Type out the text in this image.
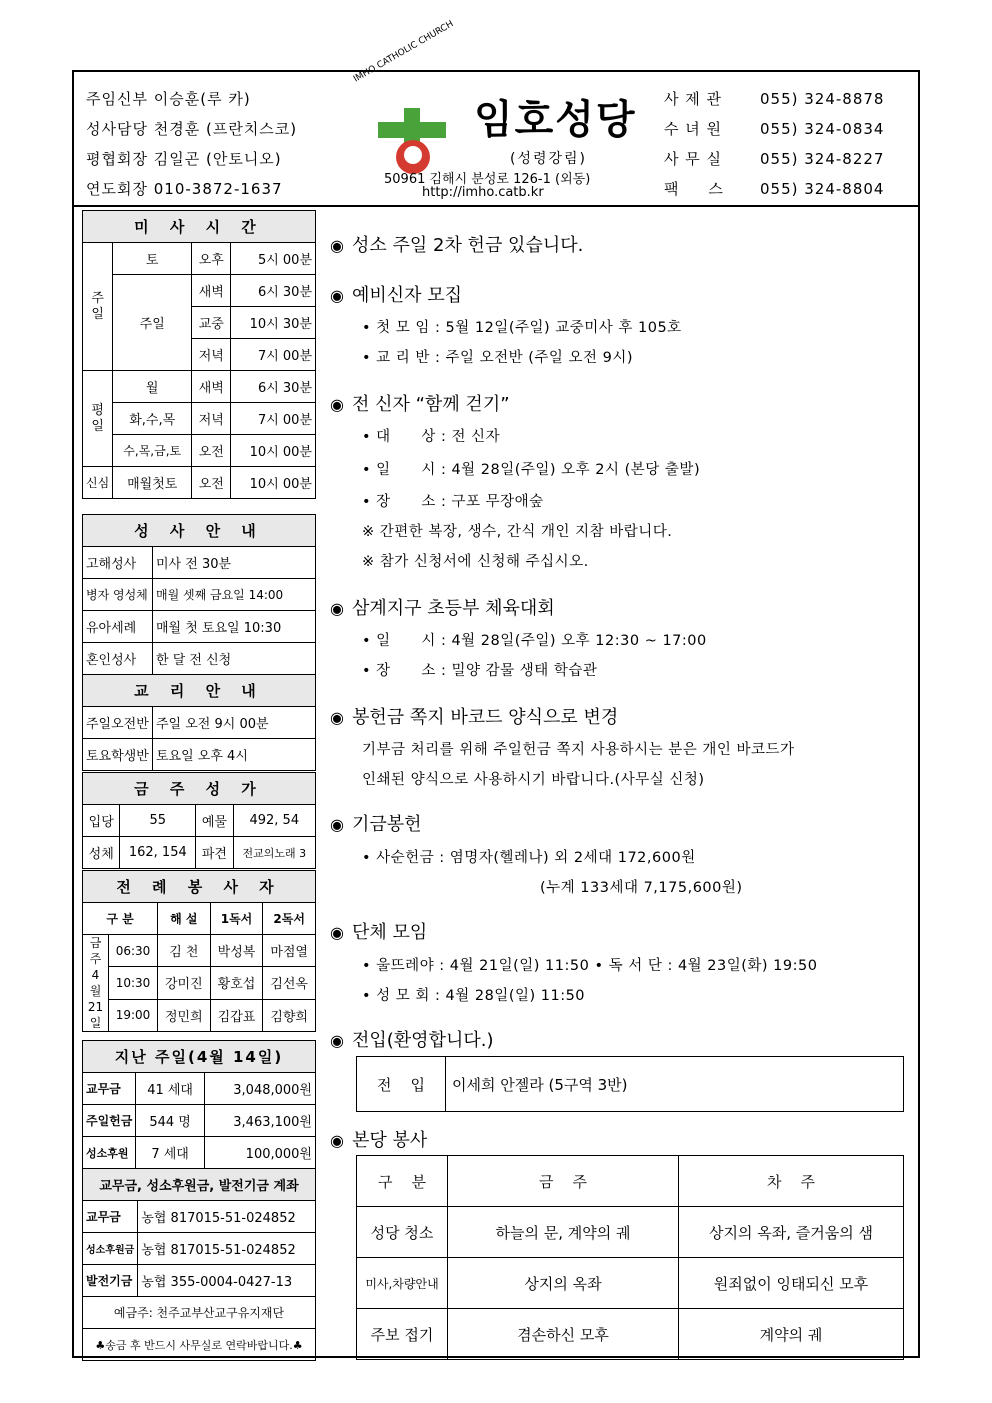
주임신부 이승훈(루 카)
성사담당 천경훈 (프란치스코)
평협회장 김일곤 (안토니오)
연도회장 010-3872-1637
IMHO CATHOLIC CHURCH
임호성당
(성령강림)
50961 김해시 분성로 126-1 (외동)
http://imho.catb.kr
사 제 관	055) 324-8878
수 녀 원	055) 324-0834
사 무 실	055) 324-8227
팩     스 055) 324-8804
미 사 시 간			
주일	토	오후	5시 00분
	주일	새벽	6시 30분
		교중	10시 30분
		저녁	7시 00분
평일	월	새벽	6시 30분
	화,수,목	저녁	7시 00분
	수,목,금,토	오전	10시 00분
신심	매월첫토	오전	10시 00분
성 사 안 내	
고해성사	미사 전 30분
병자 영성체	매월 셋째 금요일 14:00
유아세례	매월 첫 토요일 10:30
혼인성사	한 달 전 신청
교 리 안 내	
주일오전반	주일 오전 9시 00분
토요학생반	토요일 오후 4시
금 주 성 가			
입당	55	예물	492, 54
성체	162, 154	파견	전교의노래 3
전 례 봉 사 자				
구 분		해 설	1독서	2독서
금주 4월 21일	06:30	김 천	박성복	마점열
	10:30	강미진	황호섭	김선옥
	19:00	정민희	김갑표	김향희
지난 주일(4월 14일)		
교무금	41 세대	3,048,000원
주일헌금	544 명	3,463,100원
성소후원	7 세대	100,000원
교무금, 성소후원금, 발전기금 계좌	
교무금	농협 817015-51-024852
성소후원금	농협 817015-51-024852
발전기금	농협 355-0004-0427-13
예금주: 천주교부산교구유지재단	
♣송금 후 반드시 사무실로 연락바랍니다.♣	
◉ 성소 주일 2차 헌금 있습니다.
◉ 예비신자 모집
• 첫 모 임 : 5월 12일(주일) 교중미사 후 105호
• 교 리 반 : 주일 오전반 (주일 오전 9시)
◉ 전 신자 “함께 걷기”
• 대      상 : 전 신자
• 일      시 : 4월 28일(주일) 오후 2시 (본당 출발)
• 장      소 : 구포 무장애숲
※ 간편한 복장, 생수, 간식 개인 지참 바랍니다.
※ 참가 신청서에 신청해 주십시오.
◉ 삼계지구 초등부 체육대회
• 일      시 : 4월 28일(주일) 오후 12:30 ~ 17:00
• 장      소 : 밀양 감물 생태 학습관
◉ 봉헌금 쪽지 바코드 양식으로 변경
기부금 처리를 위해 주일헌금 쪽지 사용하시는 분은 개인 바코드가
인쇄된 양식으로 사용하시기 바랍니다.(사무실 신청)
◉ 기금봉헌
• 사순헌금 : 염명자(헬레나) 외 2세대 172,600원
(누계 133세대 7,175,600원)
◉ 단체 모임
• 울뜨레야 : 4월 21일(일) 11:50 • 독 서 단 : 4월 23일(화) 19:50
• 성 모 회 : 4월 28일(일) 11:50
◉ 전입(환영합니다.)
전    입	이세희 안젤라 (5구역 3반)
◉ 본당 봉사
구    분	금    주	차    주
성당 청소	하늘의 문, 계약의 궤	상지의 옥좌, 즐거움의 샘
미사,차량안내	상지의 옥좌	원죄없이 잉태되신 모후
주보 접기	겸손하신 모후	계약의 궤
